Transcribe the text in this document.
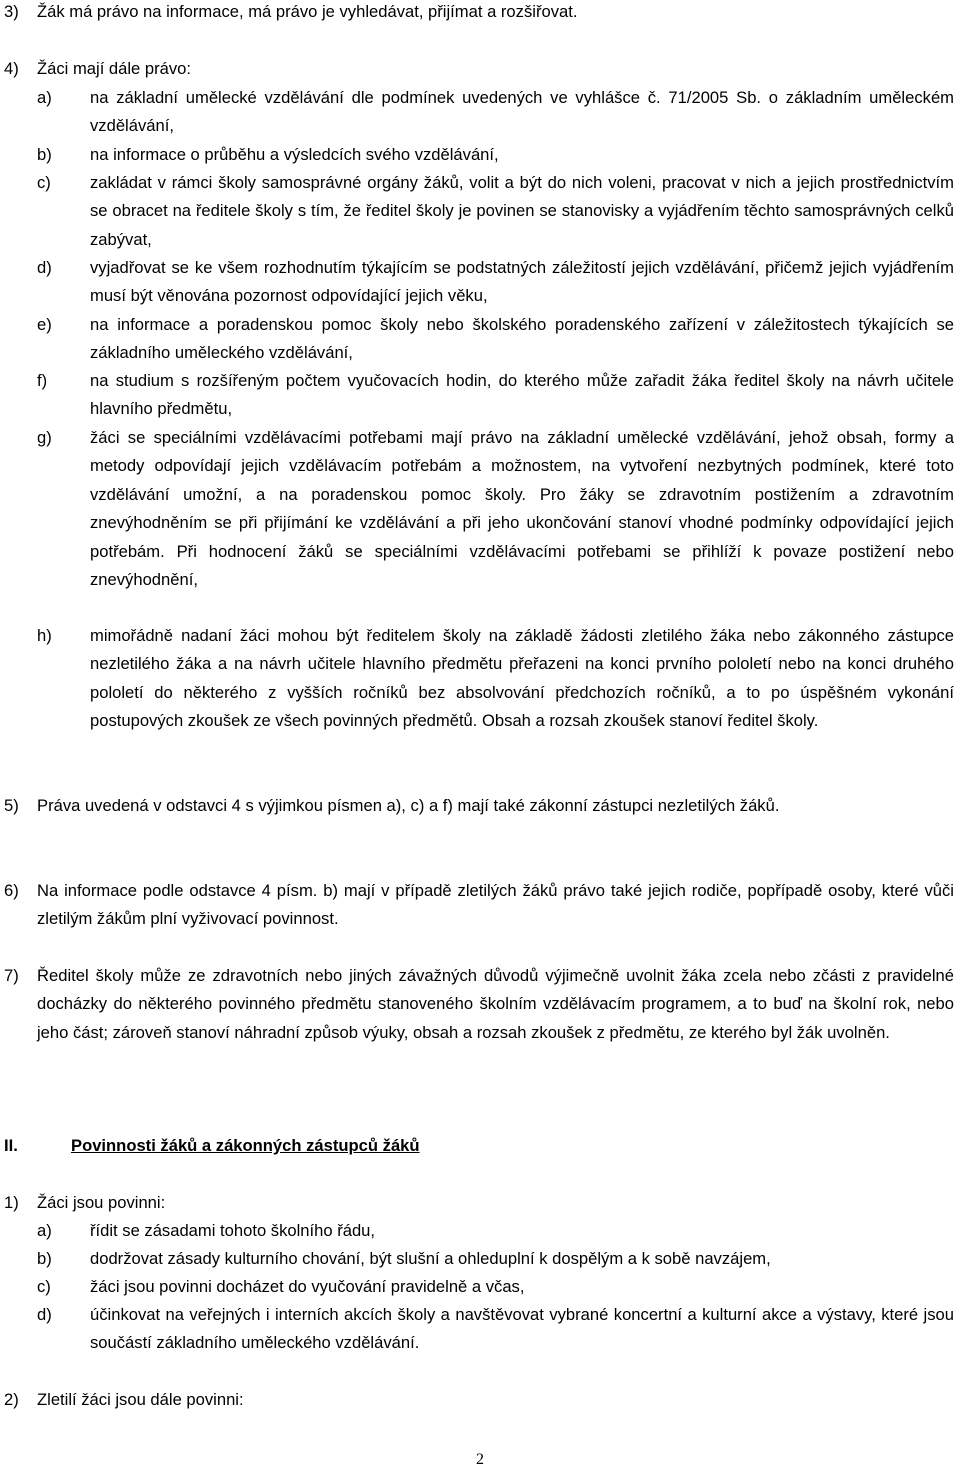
3) Žák má právo na informace, má právo je vyhledávat, přijímat a rozšiřovat.
4) Žáci mají dále právo:
a) na základní umělecké vzdělávání dle podmínek uvedených ve vyhlášce č. 71/2005 Sb. o základním uměleckém vzdělávání,
b) na informace o průběhu a výsledcích svého vzdělávání,
c) zakládat v rámci školy samosprávné orgány žáků, volit a být do nich voleni, pracovat v nich a jejich prostřednictvím se obracet na ředitele školy s tím, že ředitel školy je povinen se stanovisky a vyjádřením těchto samosprávných celků zabývat,
d) vyjadřovat se ke všem rozhodnutím týkajícím se podstatných záležitostí jejich vzdělávání, přičemž jejich vyjádřením musí být věnována pozornost odpovídající jejich věku,
e) na informace a poradenskou pomoc školy nebo školského poradenského zařízení v záležitostech týkajících se základního uměleckého vzdělávání,
f)	na studium s rozšířeným počtem vyučovacích hodin, do kterého může zařadit žáka ředitel školy na návrh učitele hlavního předmětu,
g) žáci se speciálními vzdělávacími potřebami mají právo na základní umělecké vzdělávání, jehož obsah, formy a metody odpovídají jejich vzdělávacím potřebám a možnostem, na vytvoření nezbytných podmínek, které toto vzdělávání umožní, a na poradenskou pomoc školy. Pro žáky se zdravotním postižením a zdravotním znevýhodněním se při přijímání ke vzdělávání a při jeho ukončování stanoví vhodné podmínky odpovídající jejich potřebám. Při hodnocení žáků se speciálními vzdělávacími potřebami se přihlíží k povaze postižení nebo znevýhodnění,
h) mimořádně nadaní žáci mohou být ředitelem školy na základě žádosti zletilého žáka nebo zákonného zástupce nezletilého žáka a na návrh učitele hlavního předmětu přeřazeni na konci prvního pololetí nebo na konci druhého pololetí do některého z vyšších ročníků bez absolvování předchozích ročníků, a to po úspěšném vykonání postupových zkoušek ze všech povinných předmětů. Obsah a rozsah zkoušek stanoví ředitel školy.
5) Práva uvedená v odstavci 4 s výjimkou písmen a), c) a f) mají také zákonní zástupci nezletilých žáků.
6) Na informace podle odstavce 4 písm. b) mají v případě zletilých žáků právo také jejich rodiče, popřípadě osoby, které vůči zletilým žákům plní vyživovací povinnost.
7) Ředitel školy může ze zdravotních nebo jiných závažných důvodů výjimečně uvolnit žáka zcela nebo zčásti z pravidelné docházky do některého povinného předmětu stanoveného školním vzdělávacím programem, a to buď na školní rok, nebo jeho část; zároveň stanoví náhradní způsob výuky, obsah a rozsah zkoušek z předmětu, ze kterého byl žák uvolněn.
II.	Povinnosti žáků a zákonných zástupců žáků
1) Žáci jsou povinni:
a) řídit se zásadami tohoto školního řádu,
b) dodržovat zásady kulturního chování, být slušní a ohleduplní k dospělým a k sobě navzájem,
c) žáci jsou povinni docházet do vyučování pravidelně a včas,
d) účinkovat na veřejných i interních akcích školy a navštěvovat vybrané koncertní a kulturní akce a výstavy, které jsou součástí základního uměleckého vzdělávání.
2) Zletilí žáci jsou dále povinni:
2
